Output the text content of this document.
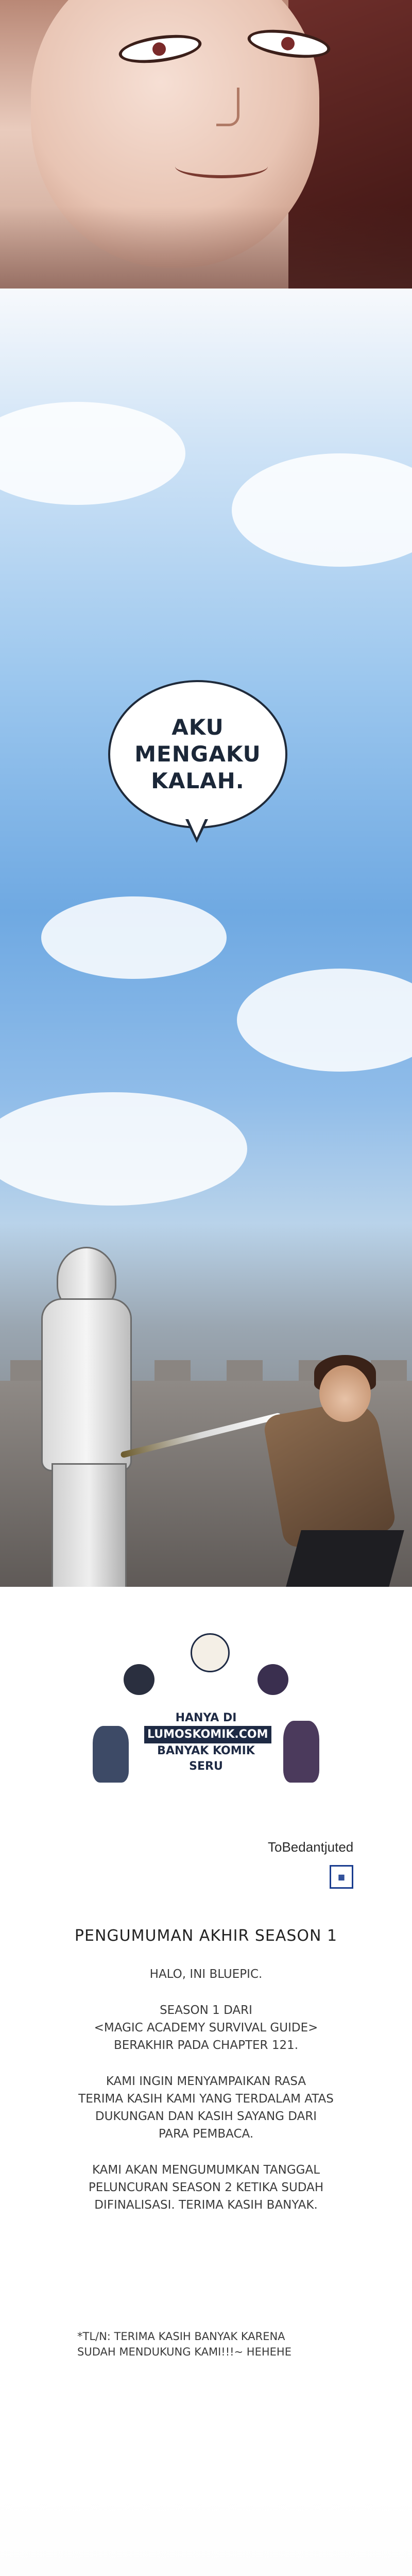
AKU
MENGAKU
KALAH.
HANYA DI
LUMOSKOMIK.COM
BANYAK KOMIK SERU
ToBedantjuted
▦
PENGUMUMAN AKHIR SEASON 1

HALO, INI BLUEPIC.

SEASON 1 DARI
<MAGIC ACADEMY SURVIVAL GUIDE>
BERAKHIR PADA CHAPTER 121.

KAMI INGIN MENYAMPAIKAN RASA
TERIMA KASIH KAMI YANG TERDALAM ATAS
DUKUNGAN DAN KASIH SAYANG DARI
PARA PEMBACA.

KAMI AKAN MENGUMUMKAN TANGGAL
PELUNCURAN SEASON 2 KETIKA SUDAH
DIFINALISASI. TERIMA KASIH BANYAK.

*TL/N: TERIMA KASIH BANYAK KARENA
SUDAH MENDUKUNG KAMI!!!~ HEHEHE
